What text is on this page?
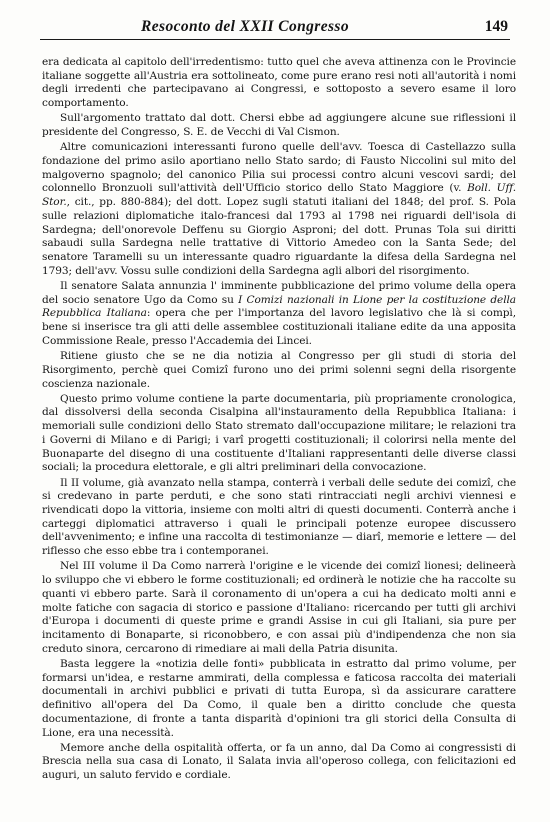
Resoconto del XXII Congresso	149

era dedicata al capitolo dell'irredentismo: tutto quel che aveva attinenza con le Provincie italiane soggette all'Austria era sottolineato, come pure erano resi noti all'autorità i nomi degli irredenti che partecipavano ai Congressi, e sottoposto a severo esame il loro comportamento.

Sull'argomento trattato dal dott. Chersi ebbe ad aggiungere alcune sue riflessioni il presidente del Congresso, S. E. de Vecchi di Val Cismon.

Altre comunicazioni interessanti furono quelle dell'avv. Toesca di Castellazzo sulla fondazione del primo asilo aportiano nello Stato sardo; di Fausto Niccolini sul mito del malgoverno spagnolo; del canonico Pilia sui processi contro alcuni vescovi sardi; del colonnello Bronzuoli sull'attività dell'Ufficio storico dello Stato Maggiore (v. Boll. Uff. Stor., cit., pp. 880-884); del dott. Lopez sugli statuti italiani del 1848; del prof. S. Pola sulle relazioni diplomatiche italo-francesi dal 1793 al 1798 nei riguardi dell'isola di Sardegna; dell'onorevole Deffenu su Giorgio Asproni; del dott. Prunas Tola sui diritti sabaudi sulla Sardegna nelle trattative di Vittorio Amedeo con la Santa Sede; del senatore Taramelli su un interessante quadro riguardante la difesa della Sardegna nel 1793; dell'avv. Vossu sulle condizioni della Sardegna agli albori del risorgimento.

Il senatore Salata annunzia l' imminente pubblicazione del primo volume della opera del socio senatore Ugo da Como su I Comizi nazionali in Lione per la costituzione della Repubblica Italiana: opera che per l'importanza del lavoro legislativo che là si compì, bene si inserisce tra gli atti delle assemblee costituzionali italiane edite da una apposita Commissione Reale, presso l'Accademia dei Lincei.

Ritiene giusto che se ne dia notizia al Congresso per gli studi di storia del Risorgimento, perchè quei Comizî furono uno dei primi solenni segni della risorgente coscienza nazionale.

Questo primo volume contiene la parte documentaria, più propriamente cronologica, dal dissolversi della seconda Cisalpina all'instauramento della Repubblica Italiana: i memoriali sulle condizioni dello Stato stremato dall'occupazione militare; le relazioni tra i Governi di Milano e di Parigi; i varî progetti costituzionali; il colorirsi nella mente del Buonaparte del disegno di una costituente d'Italiani rappresentanti delle diverse classi sociali; la procedura elettorale, e gli altri preliminari della convocazione.

Il II volume, già avanzato nella stampa, conterrà i verbali delle sedute dei comizî, che si credevano in parte perduti, e che sono stati rintracciati negli archivi viennesi e rivendicati dopo la vittoria, insieme con molti altri di questi documenti. Conterrà anche i carteggi diplomatici attraverso i quali le principali potenze europee discussero dell'avvenimento; e infine una raccolta di testimonianze — diarî, memorie e lettere — del riflesso che esso ebbe tra i contemporanei.

Nel III volume il Da Como narrerà l'origine e le vicende dei comizî lionesi; delineerà lo sviluppo che vi ebbero le forme costituzionali; ed ordinerà le notizie che ha raccolte su quanti vi ebbero parte. Sarà il coronamento di un'opera a cui ha dedicato molti anni e molte fatiche con sagacia di storico e passione d'Italiano: ricercando per tutti gli archivi d'Europa i documenti di queste prime e grandi Assise in cui gli Italiani, sia pure per incitamento di Bonaparte, si riconobbero, e con assai più d'indipendenza che non sia creduto sinora, cercarono di rimediare ai mali della Patria disunita.

Basta leggere la «notizia delle fonti» pubblicata in estratto dal primo volume, per formarsi un'idea, e restarne ammirati, della complessa e faticosa raccolta dei materiali documentali in archivi pubblici e privati di tutta Europa, sì da assicurare carattere definitivo all'opera del Da Como, il quale ben a diritto conclude che questa documentazione, di fronte a tanta disparità d'opinioni tra gli storici della Consulta di Lione, era una necessità.

Memore anche della ospitalità offerta, or fa un anno, dal Da Como ai congressisti di Brescia nella sua casa di Lonato, il Salata invia all'operoso collega, con felicitazioni ed auguri, un saluto fervido e cordiale.
